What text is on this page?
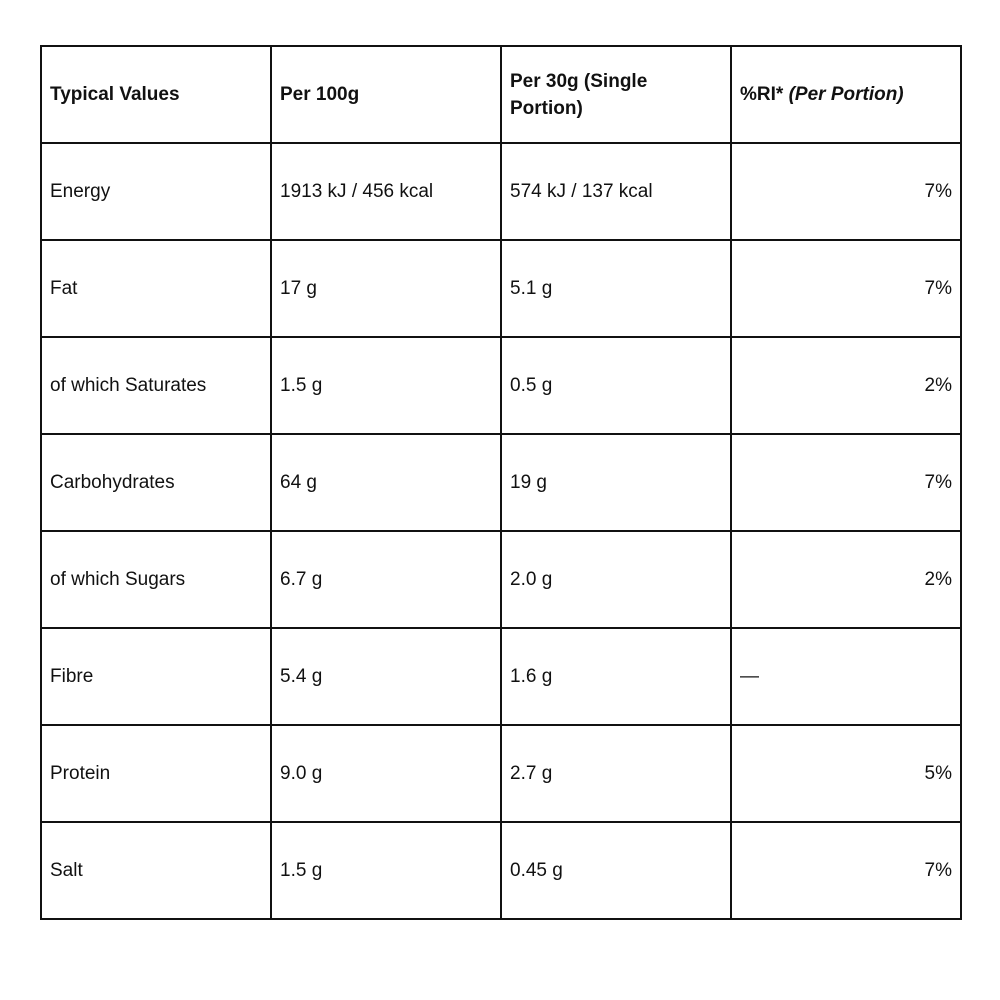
Typical Values	Per 100g	Per 30g (Single Portion)	%RI* (Per Portion)
Energy	1913 kJ / 456 kcal	574 kJ / 137 kcal	7%
Fat	17 g	5.1 g	7%
of which Saturates	1.5 g	0.5 g	2%
Carbohydrates	64 g	19 g	7%
of which Sugars	6.7 g	2.0 g	2%
Fibre	5.4 g	1.6 g	—
Protein	9.0 g	2.7 g	5%
Salt	1.5 g	0.45 g	7%
